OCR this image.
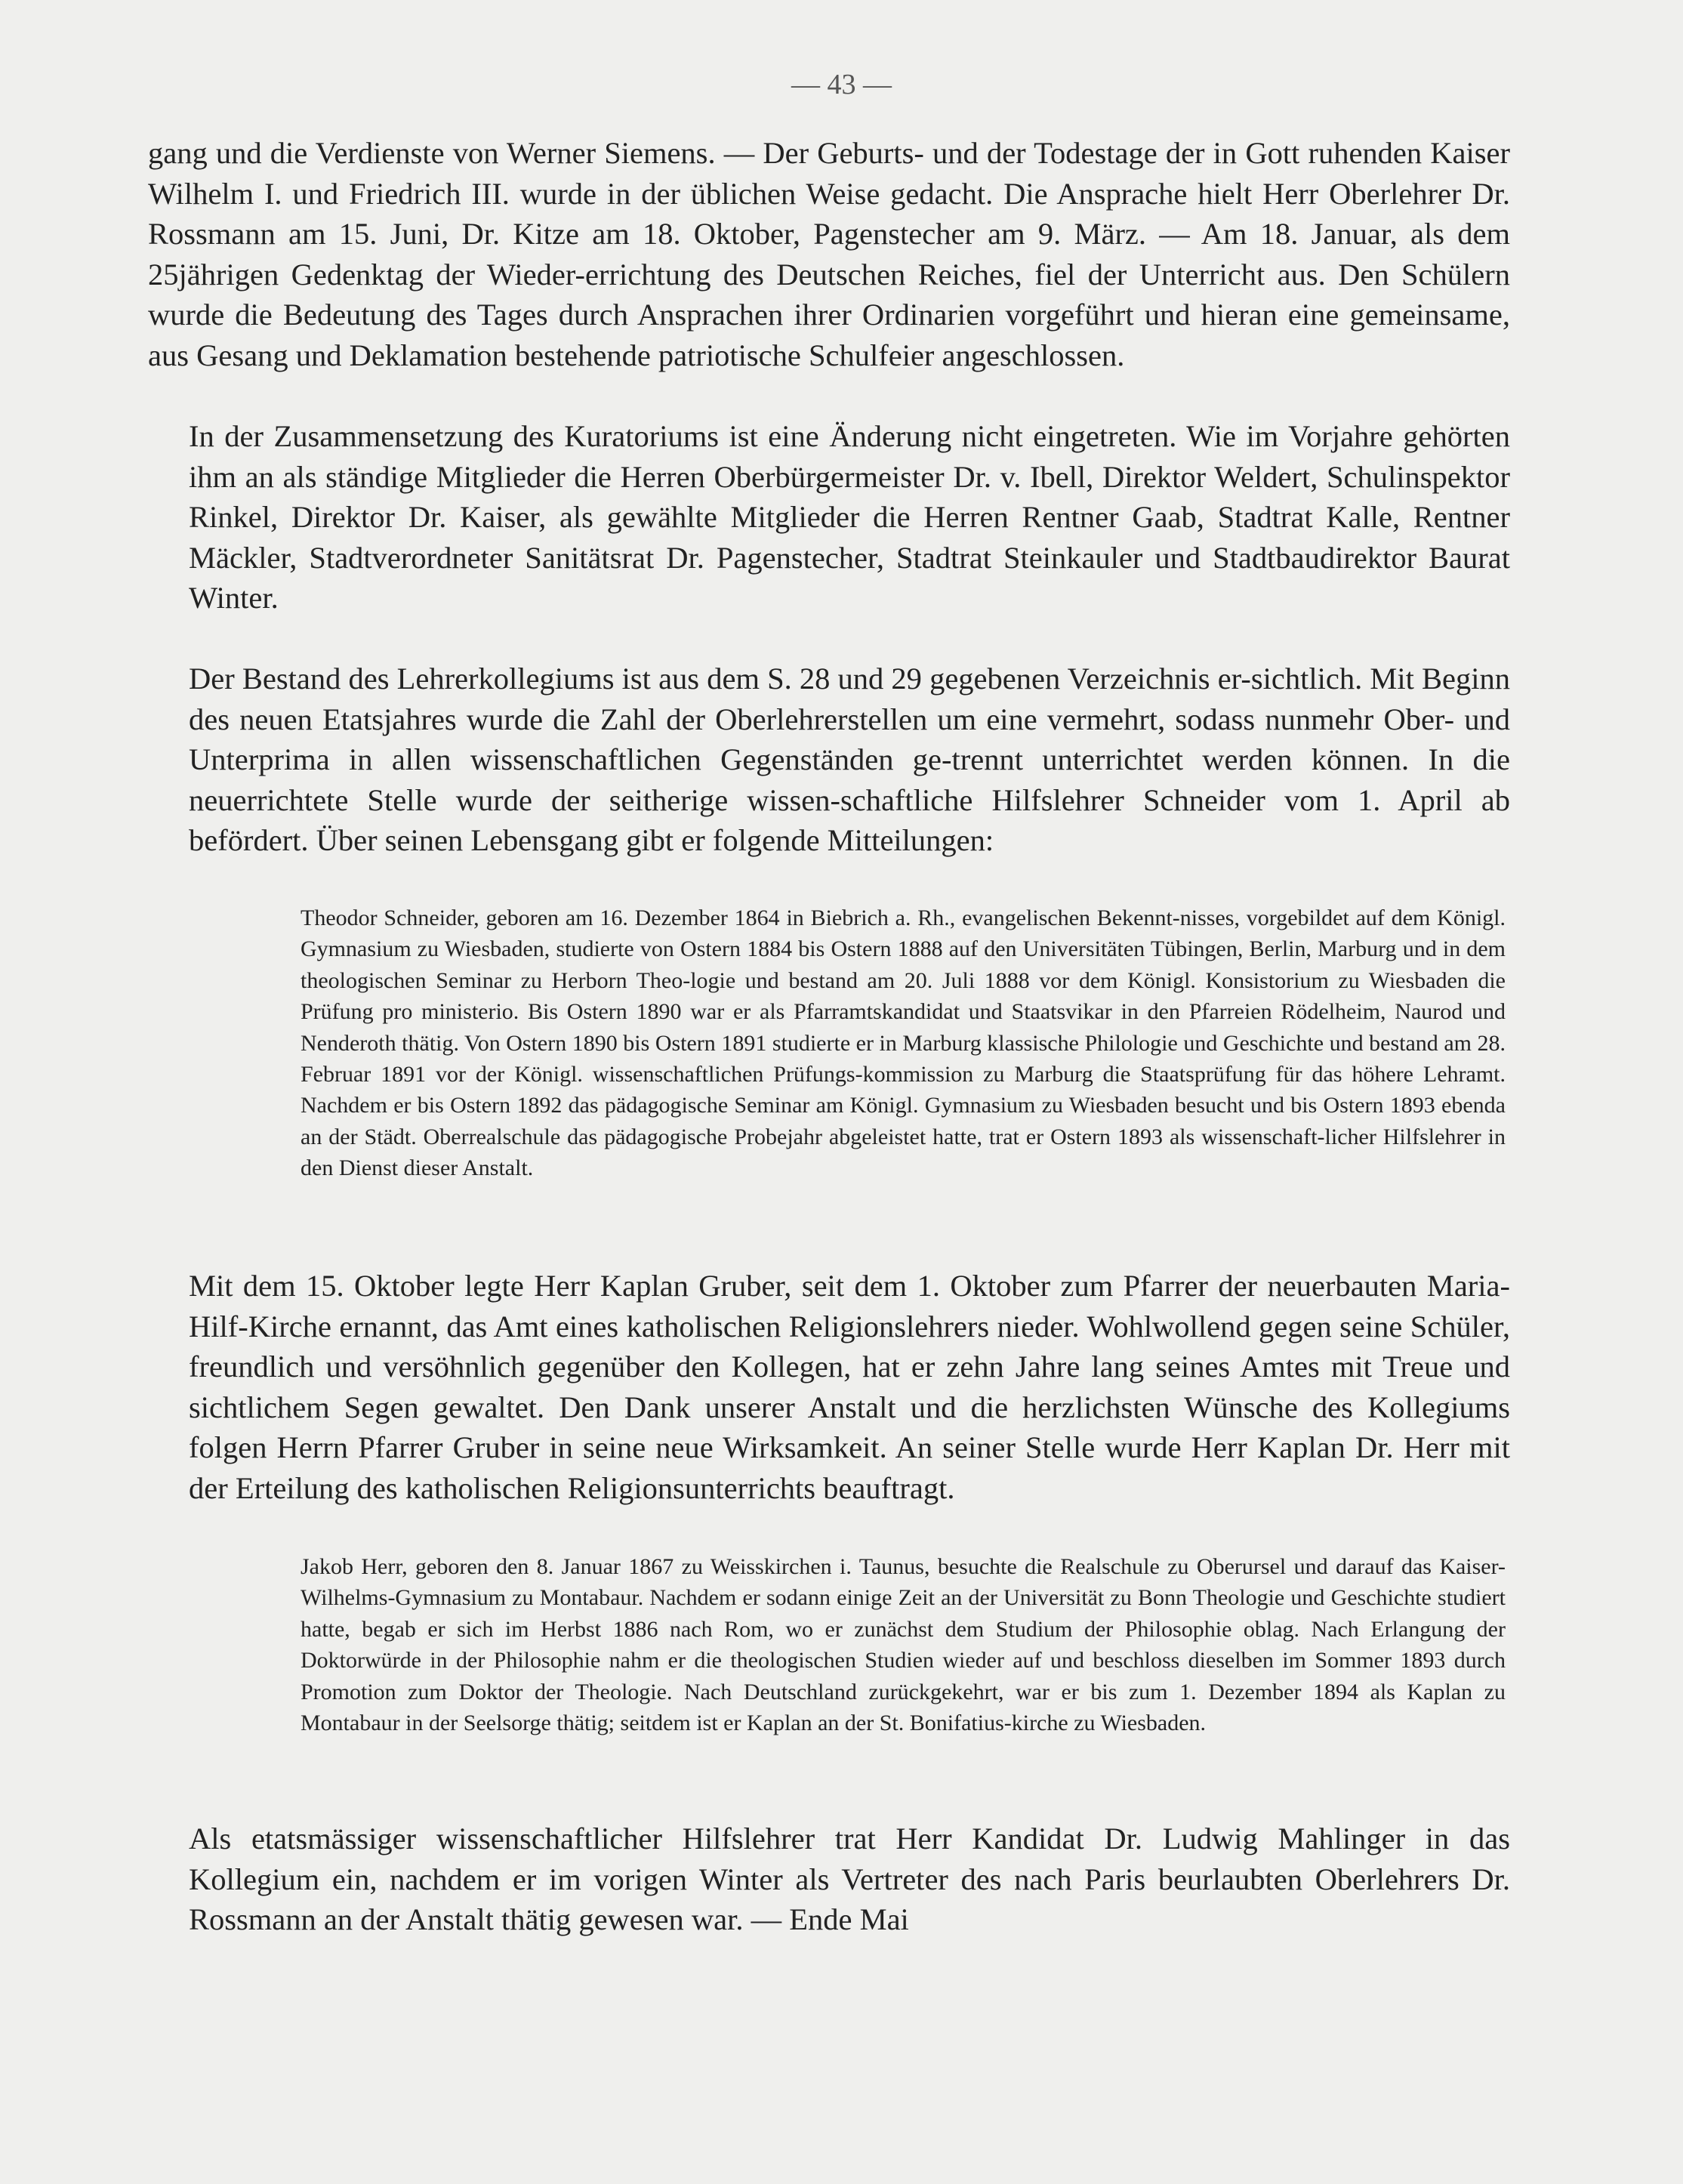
— 43 —

gang und die Verdienste von Werner Siemens. — Der Geburts- und der Todestage der in Gott ruhenden Kaiser Wilhelm I. und Friedrich III. wurde in der üblichen Weise gedacht. Die Ansprache hielt Herr Oberlehrer Dr. Rossmann am 15. Juni, Dr. Kitze am 18. Oktober, Pagenstecher am 9. März. — Am 18. Januar, als dem 25jährigen Gedenktag der Wieder-errichtung des Deutschen Reiches, fiel der Unterricht aus. Den Schülern wurde die Bedeutung des Tages durch Ansprachen ihrer Ordinarien vorgeführt und hieran eine gemeinsame, aus Gesang und Deklamation bestehende patriotische Schulfeier angeschlossen.

In der Zusammensetzung des Kuratoriums ist eine Änderung nicht eingetreten. Wie im Vorjahre gehörten ihm an als ständige Mitglieder die Herren Oberbürgermeister Dr. v. Ibell, Direktor Weldert, Schulinspektor Rinkel, Direktor Dr. Kaiser, als gewählte Mitglieder die Herren Rentner Gaab, Stadtrat Kalle, Rentner Mäckler, Stadtverordneter Sanitätsrat Dr. Pagenstecher, Stadtrat Steinkauler und Stadtbaudirektor Baurat Winter.

Der Bestand des Lehrerkollegiums ist aus dem S. 28 und 29 gegebenen Verzeichnis er-sichtlich. Mit Beginn des neuen Etatsjahres wurde die Zahl der Oberlehrerstellen um eine vermehrt, sodass nunmehr Ober- und Unterprima in allen wissenschaftlichen Gegenständen ge-trennt unterrichtet werden können. In die neuerrichtete Stelle wurde der seitherige wissen-schaftliche Hilfslehrer Schneider vom 1. April ab befördert. Über seinen Lebensgang gibt er folgende Mitteilungen:

Theodor Schneider, geboren am 16. Dezember 1864 in Biebrich a. Rh., evangelischen Bekennt-nisses, vorgebildet auf dem Königl. Gymnasium zu Wiesbaden, studierte von Ostern 1884 bis Ostern 1888 auf den Universitäten Tübingen, Berlin, Marburg und in dem theologischen Seminar zu Herborn Theo-logie und bestand am 20. Juli 1888 vor dem Königl. Konsistorium zu Wiesbaden die Prüfung pro ministerio. Bis Ostern 1890 war er als Pfarramtskandidat und Staatsvikar in den Pfarreien Rödelheim, Naurod und Nenderoth thätig. Von Ostern 1890 bis Ostern 1891 studierte er in Marburg klassische Philologie und Geschichte und bestand am 28. Februar 1891 vor der Königl. wissenschaftlichen Prüfungs-kommission zu Marburg die Staatsprüfung für das höhere Lehramt. Nachdem er bis Ostern 1892 das pädagogische Seminar am Königl. Gymnasium zu Wiesbaden besucht und bis Ostern 1893 ebenda an der Städt. Oberrealschule das pädagogische Probejahr abgeleistet hatte, trat er Ostern 1893 als wissenschaft-licher Hilfslehrer in den Dienst dieser Anstalt.

Mit dem 15. Oktober legte Herr Kaplan Gruber, seit dem 1. Oktober zum Pfarrer der neuerbauten Maria-Hilf-Kirche ernannt, das Amt eines katholischen Religionslehrers nieder. Wohlwollend gegen seine Schüler, freundlich und versöhnlich gegenüber den Kollegen, hat er zehn Jahre lang seines Amtes mit Treue und sichtlichem Segen gewaltet. Den Dank unserer Anstalt und die herzlichsten Wünsche des Kollegiums folgen Herrn Pfarrer Gruber in seine neue Wirksamkeit. An seiner Stelle wurde Herr Kaplan Dr. Herr mit der Erteilung des katholischen Religionsunterrichts beauftragt.

Jakob Herr, geboren den 8. Januar 1867 zu Weisskirchen i. Taunus, besuchte die Realschule zu Oberursel und darauf das Kaiser-Wilhelms-Gymnasium zu Montabaur. Nachdem er sodann einige Zeit an der Universität zu Bonn Theologie und Geschichte studiert hatte, begab er sich im Herbst 1886 nach Rom, wo er zunächst dem Studium der Philosophie oblag. Nach Erlangung der Doktorwürde in der Philosophie nahm er die theologischen Studien wieder auf und beschloss dieselben im Sommer 1893 durch Promotion zum Doktor der Theologie. Nach Deutschland zurückgekehrt, war er bis zum 1. Dezember 1894 als Kaplan zu Montabaur in der Seelsorge thätig; seitdem ist er Kaplan an der St. Bonifatius-kirche zu Wiesbaden.

Als etatsmässiger wissenschaftlicher Hilfslehrer trat Herr Kandidat Dr. Ludwig Mahlinger in das Kollegium ein, nachdem er im vorigen Winter als Vertreter des nach Paris beurlaubten Oberlehrers Dr. Rossmann an der Anstalt thätig gewesen war. — Ende Mai
